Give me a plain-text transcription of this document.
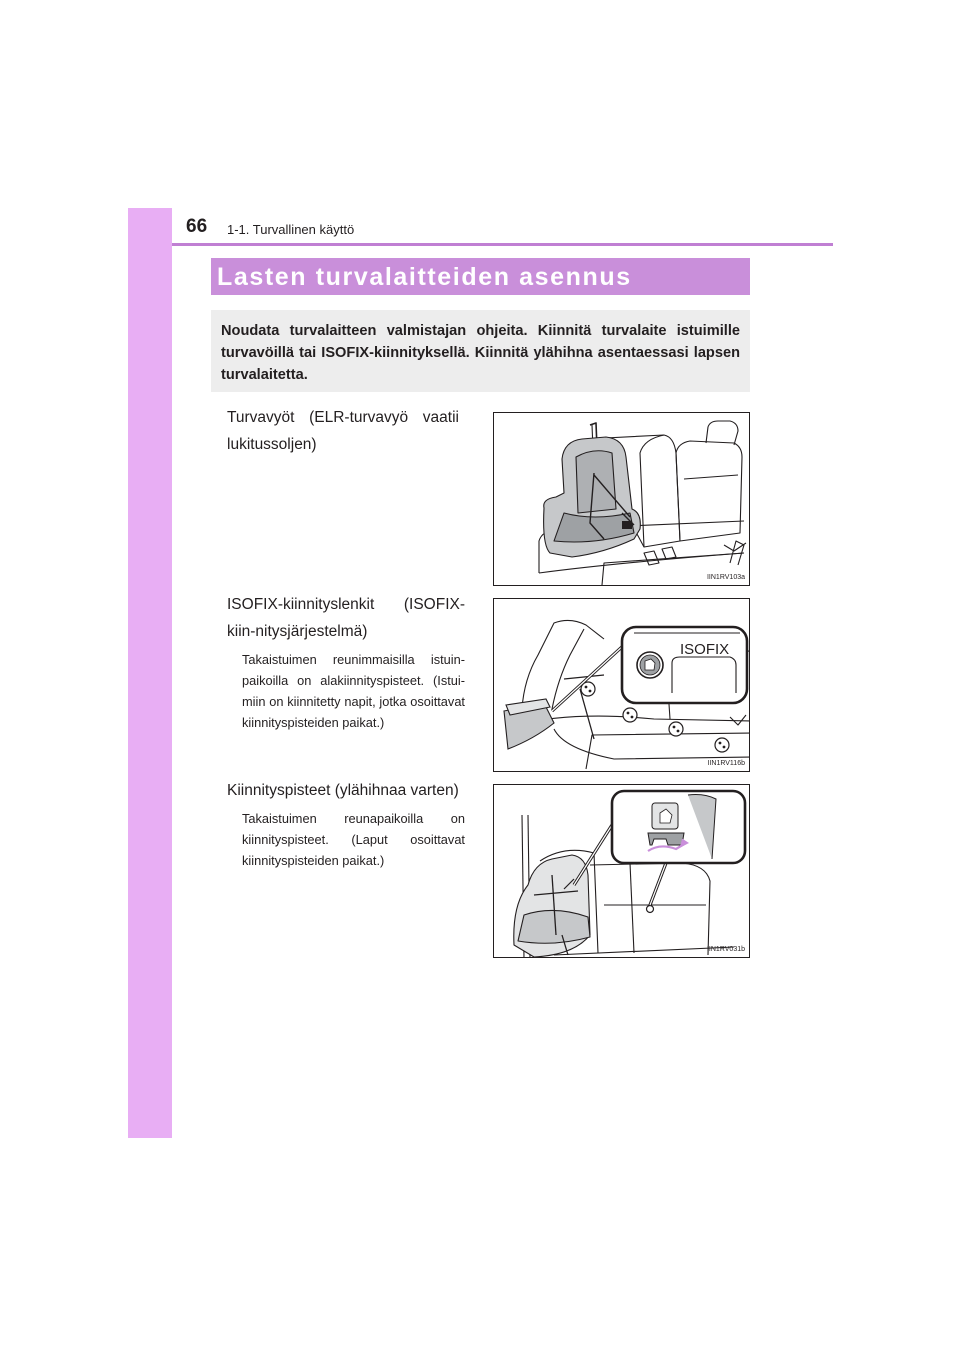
66 1-1. Turvallinen käyttö
Lasten turvalaitteiden asennus

Noudata turvalaitteen valmistajan ohjeita. Kiinnitä turvalaite istuimille turvavöillä tai ISOFIX-kiinnityksellä. Kiinnitä ylähihna asentaessasi lapsen turvalaitetta.

Turvavyöt (ELR-turvavyö vaatii lukitussoljen)

IIN1RV103a

ISOFIX-kiinnityslenkit (ISOFIX-kiin-nitysjärjestelmä)

Takaistuimen reunimmaisilla istuin-paikoilla on alakiinnityspisteet. (Istui-miin on kiinnitetty napit, jotka osoittavat kiinnityspisteiden paikat.)

ISOFIX
IIN1RV116b

Kiinnityspisteet (ylähihnaa varten)

Takaistuimen reunapaikoilla on kiinnityspisteet. (Laput osoittavat kiinnityspisteiden paikat.)

IIN1RV031b
